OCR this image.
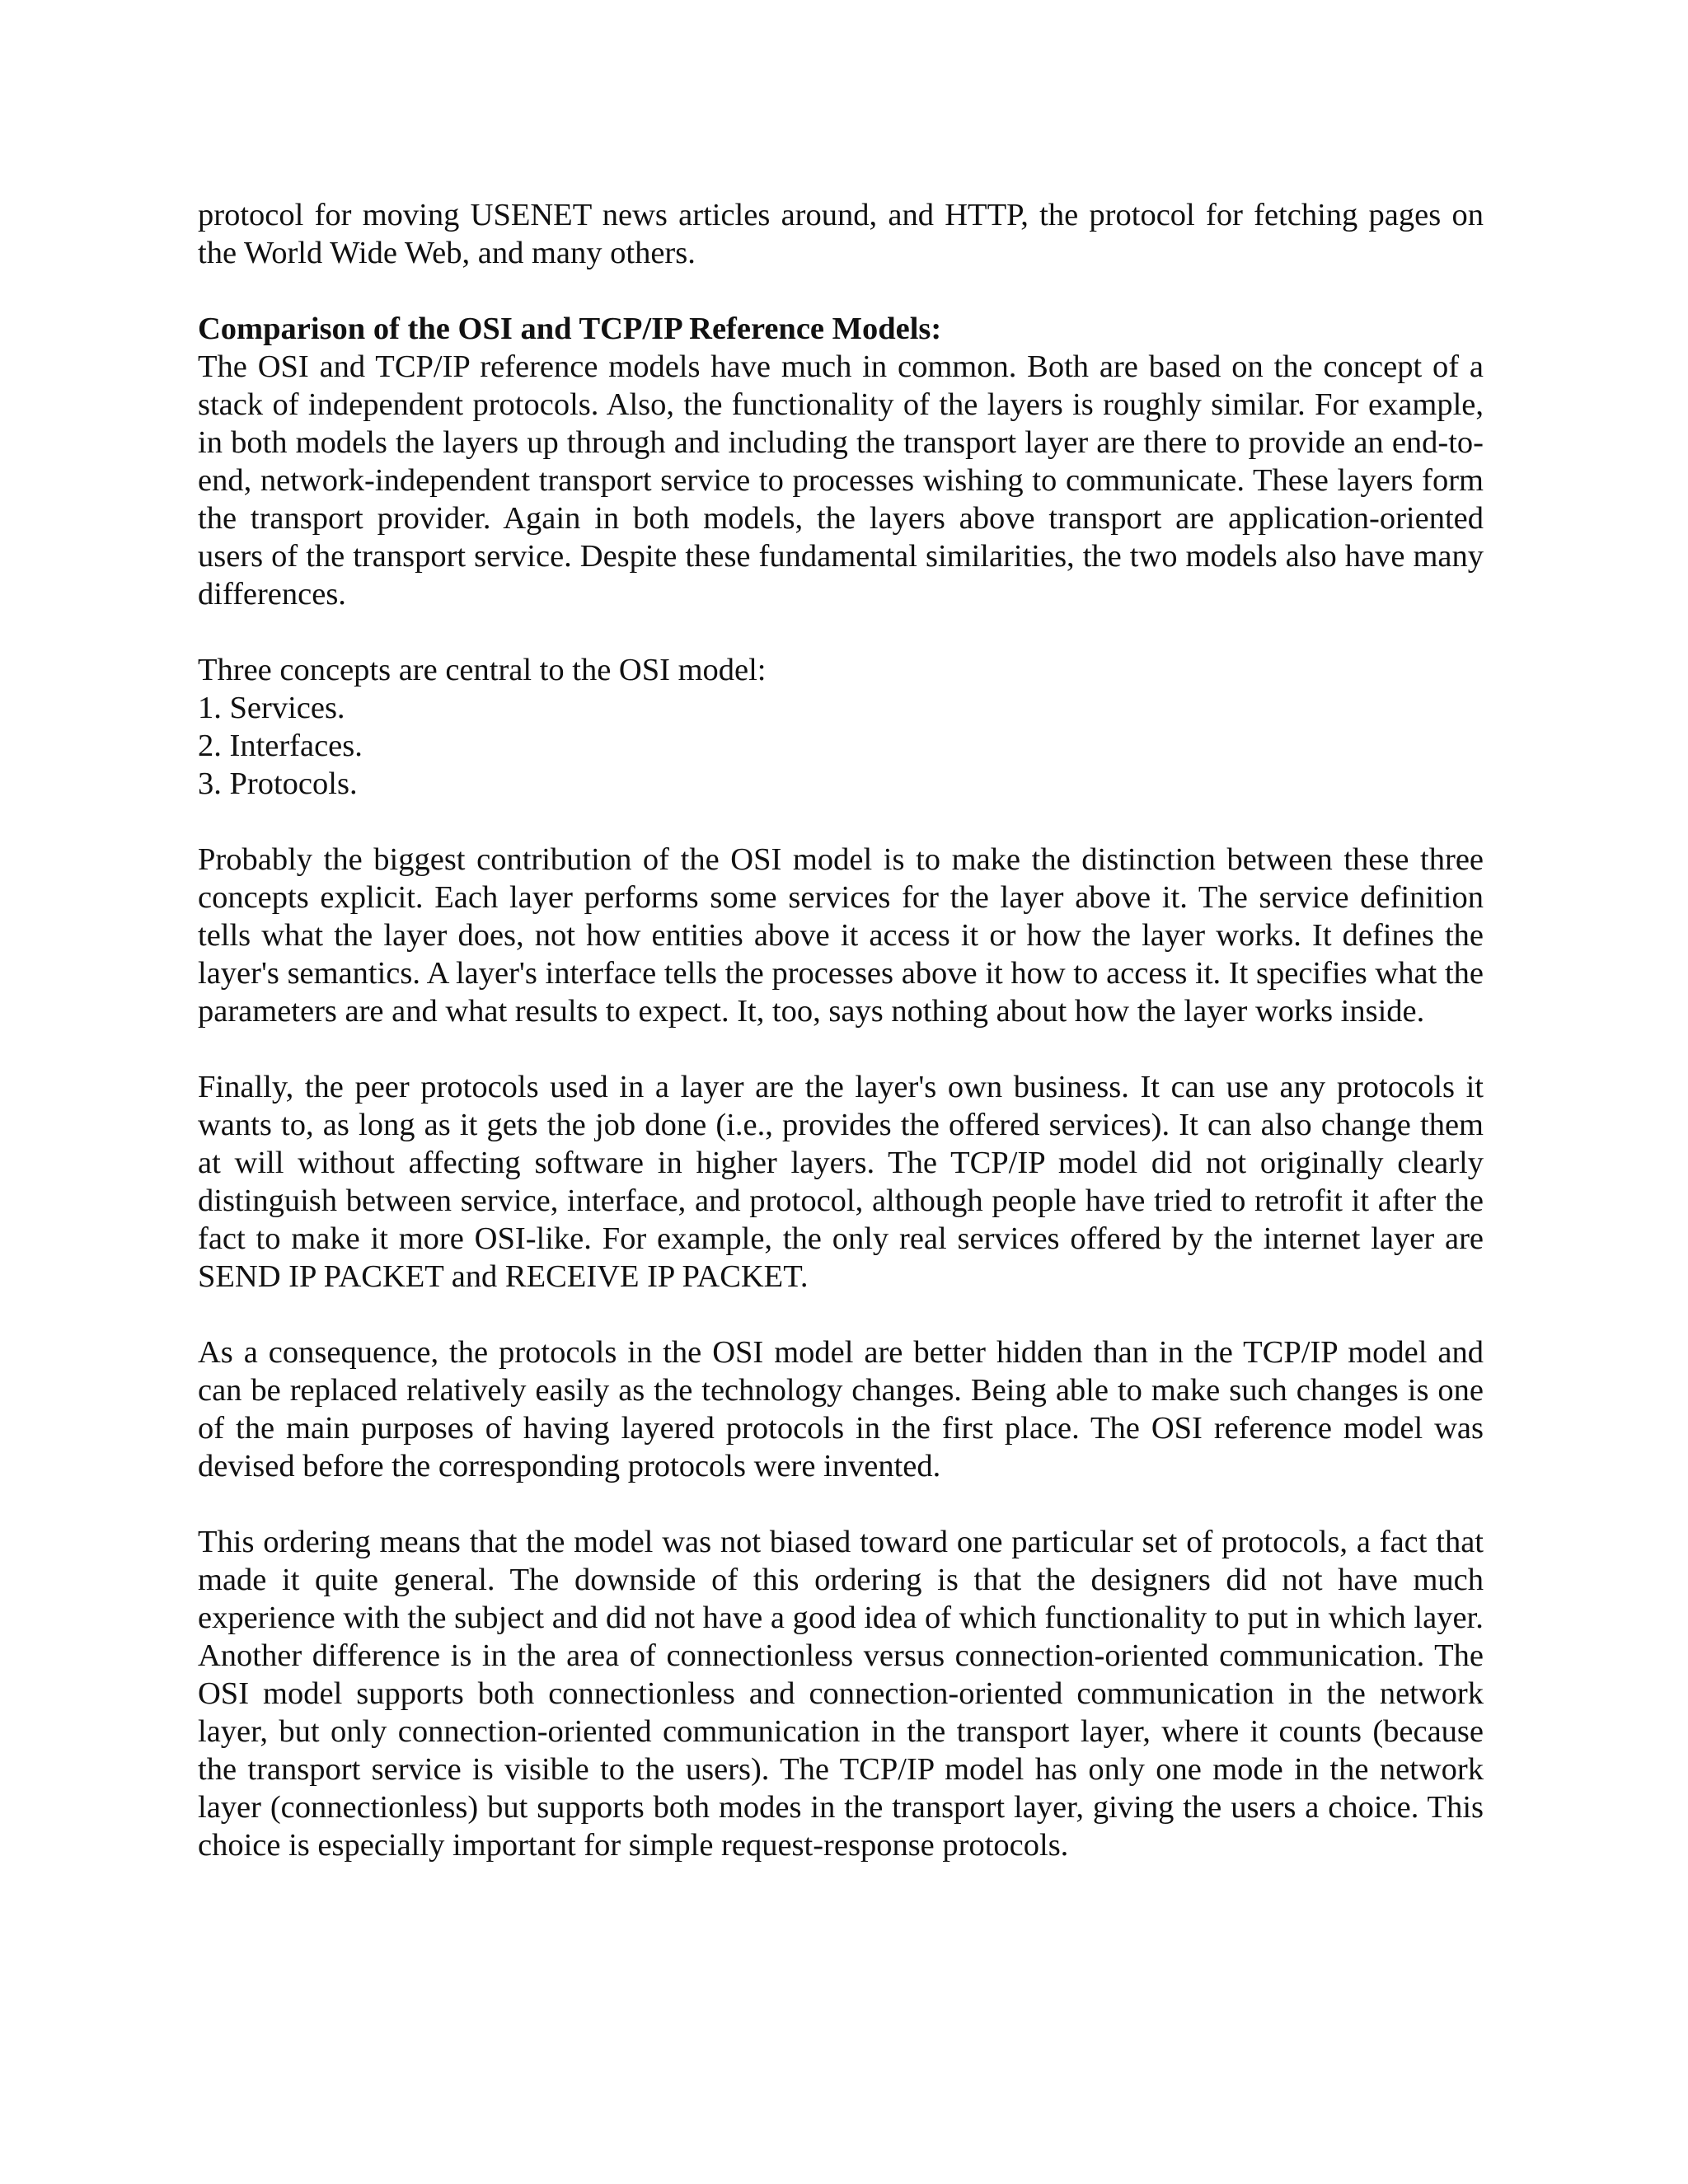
protocol for moving USENET news articles around, and HTTP, the protocol for fetching pages on the World Wide Web, and many others.

Comparison of the OSI and TCP/IP Reference Models:

The OSI and TCP/IP reference models have much in common. Both are based on the concept of a stack of independent protocols. Also, the functionality of the layers is roughly similar. For example, in both models the layers up through and including the transport layer are there to provide an end-to-end, network-independent transport service to processes wishing to communicate. These layers form the transport provider. Again in both models, the layers above transport are application-oriented users of the transport service. Despite these fundamental similarities, the two models also have many differences.

Three concepts are central to the OSI model:

1. Services.
2. Interfaces.
3. Protocols.

Probably the biggest contribution of the OSI model is to make the distinction between these three concepts explicit. Each layer performs some services for the layer above it. The service definition tells what the layer does, not how entities above it access it or how the layer works. It defines the layer's semantics. A layer's interface tells the processes above it how to access it. It specifies what the parameters are and what results to expect. It, too, says nothing about how the layer works inside.

Finally, the peer protocols used in a layer are the layer's own business. It can use any protocols it wants to, as long as it gets the job done (i.e., provides the offered services). It can also change them at will without affecting software in higher layers. The TCP/IP model did not originally clearly distinguish between service, interface, and protocol, although people have tried to retrofit it after the fact to make it more OSI-like. For example, the only real services offered by the internet layer are SEND IP PACKET and RECEIVE IP PACKET.

As a consequence, the protocols in the OSI model are better hidden than in the TCP/IP model and can be replaced relatively easily as the technology changes. Being able to make such changes is one of the main purposes of having layered protocols in the first place. The OSI reference model was devised before the corresponding protocols were invented.

This ordering means that the model was not biased toward one particular set of protocols, a fact that made it quite general. The downside of this ordering is that the designers did not have much experience with the subject and did not have a good idea of which functionality to put in which layer.

Another difference is in the area of connectionless versus connection-oriented communication. The OSI model supports both connectionless and connection-oriented communication in the network layer, but only connection-oriented communication in the transport layer, where it counts (because the transport service is visible to the users). The TCP/IP model has only one mode in the network layer (connectionless) but supports both modes in the transport layer, giving the users a choice. This choice is especially important for simple request-response protocols.
